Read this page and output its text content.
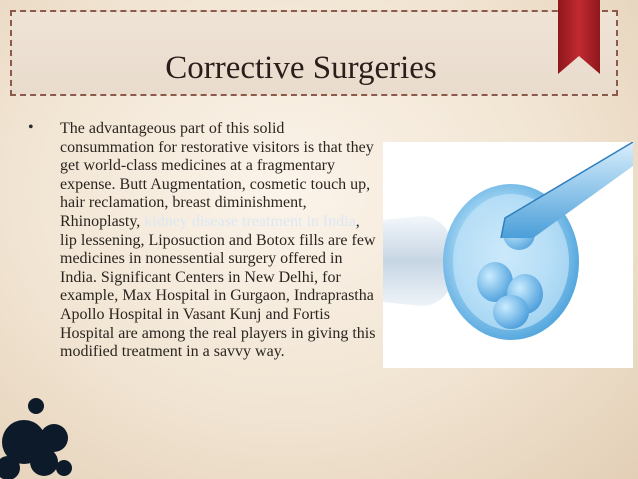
Corrective Surgeries
• The advantageous part of this solid consummation for restorative visitors is that they get world-class medicines at a fragmentary expense. Butt Augmentation, cosmetic touch up, hair reclamation, breast diminishment, Rhinoplasty, kidney disease treatment in India, lip lessening, Liposuction and Botox fills are few medicines in nonessential surgery offered in India. Significant Centers in New Delhi, for example, Max Hospital in Gurgaon, Indraprastha Apollo Hospital in Vasant Kunj and Fortis Hospital are among the real players in giving this modified treatment in a savvy way.
